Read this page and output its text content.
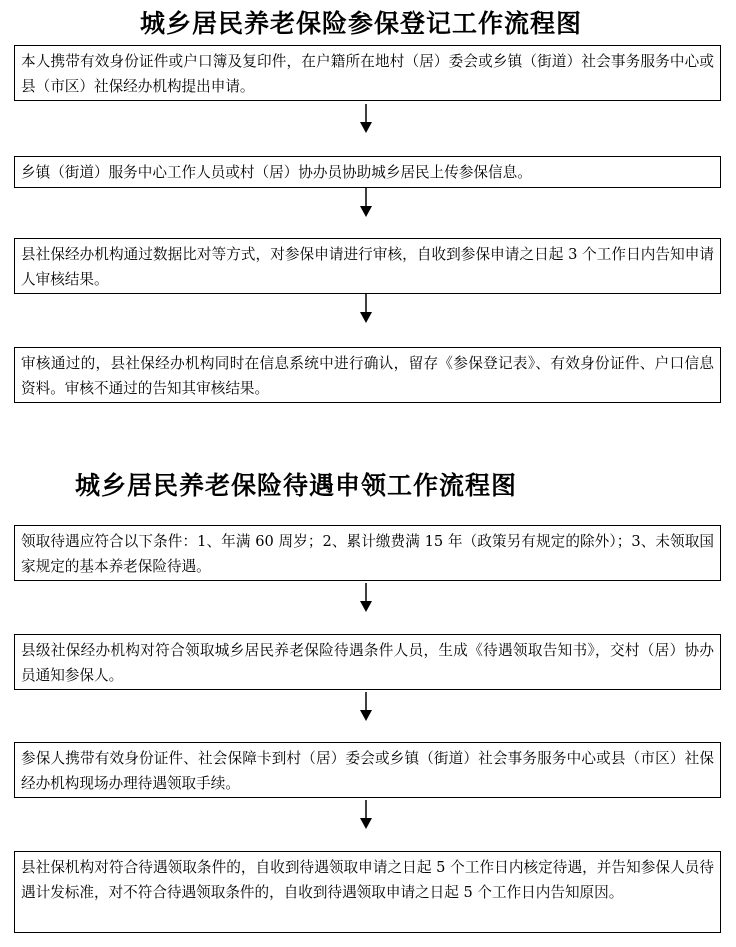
城乡居民养老保险参保登记工作流程图
本人携带有效身份证件或户口簿及复印件，在户籍所在地村（居）委会或乡镇（街道）社会事务服务中心或县（市区）社保经办机构提出申请。
乡镇（街道）服务中心工作人员或村（居）协办员协助城乡居民上传参保信息。
县社保经办机构通过数据比对等方式，对参保申请进行审核，自收到参保申请之日起 3 个工作日内告知申请人审核结果。
审核通过的，县社保经办机构同时在信息系统中进行确认，留存《参保登记表》、有效身份证件、户口信息资料。审核不通过的告知其审核结果。
城乡居民养老保险待遇申领工作流程图
领取待遇应符合以下条件：1、年满 60 周岁；2、累计缴费满 15 年（政策另有规定的除外）；3、未领取国家规定的基本养老保险待遇。
县级社保经办机构对符合领取城乡居民养老保险待遇条件人员，生成《待遇领取告知书》，交村（居）协办员通知参保人。
参保人携带有效身份证件、社会保障卡到村（居）委会或乡镇（街道）社会事务服务中心或县（市区）社保经办机构现场办理待遇领取手续。
县社保机构对符合待遇领取条件的，自收到待遇领取申请之日起 5 个工作日内核定待遇，并告知参保人员待遇计发标准，对不符合待遇领取条件的，自收到待遇领取申请之日起 5 个工作日内告知原因。
